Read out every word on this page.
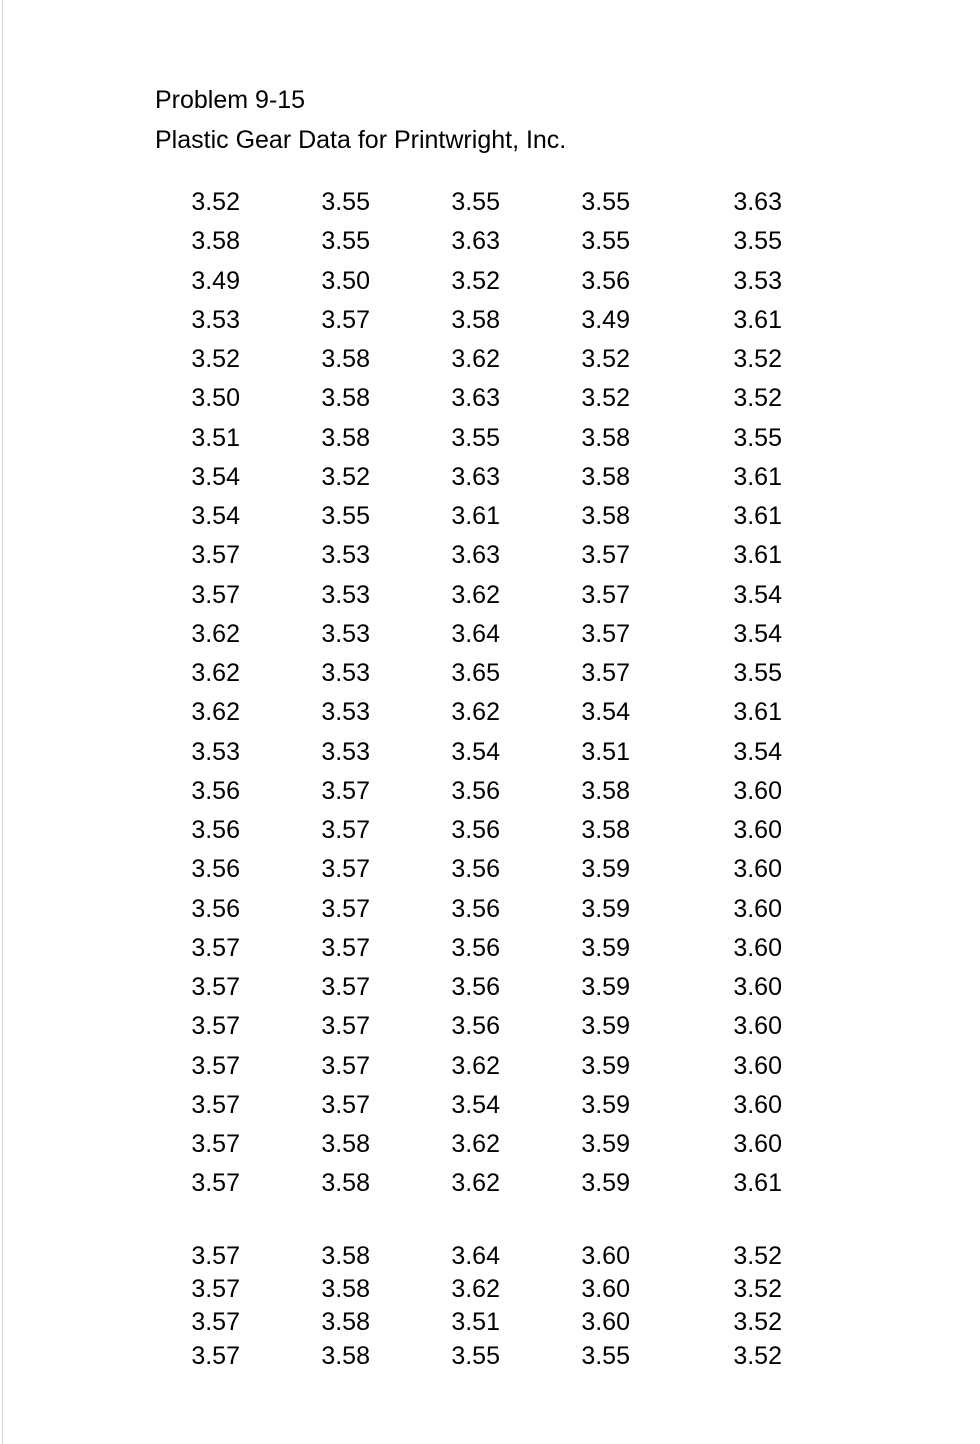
Problem 9-15
Plastic Gear Data for Printwright, Inc.
3.52
3.58
3.49
3.53
3.52
3.50
3.51
3.54
3.54
3.57
3.57
3.62
3.62
3.62
3.53
3.56
3.56
3.56
3.56
3.57
3.57
3.57
3.57
3.57
3.57
3.57
3.57
3.57
3.57
3.57
3.55
3.55
3.50
3.57
3.58
3.58
3.58
3.52
3.55
3.53
3.53
3.53
3.53
3.53
3.53
3.57
3.57
3.57
3.57
3.57
3.57
3.57
3.57
3.57
3.58
3.58
3.58
3.58
3.58
3.58
3.55
3.63
3.52
3.58
3.62
3.63
3.55
3.63
3.61
3.63
3.62
3.64
3.65
3.62
3.54
3.56
3.56
3.56
3.56
3.56
3.56
3.56
3.62
3.54
3.62
3.62
3.64
3.62
3.51
3.55
3.55
3.55
3.56
3.49
3.52
3.52
3.58
3.58
3.58
3.57
3.57
3.57
3.57
3.54
3.51
3.58
3.58
3.59
3.59
3.59
3.59
3.59
3.59
3.59
3.59
3.59
3.60
3.60
3.60
3.55
3.63
3.55
3.53
3.61
3.52
3.52
3.55
3.61
3.61
3.61
3.54
3.54
3.55
3.61
3.54
3.60
3.60
3.60
3.60
3.60
3.60
3.60
3.60
3.60
3.60
3.61
3.52
3.52
3.52
3.52
